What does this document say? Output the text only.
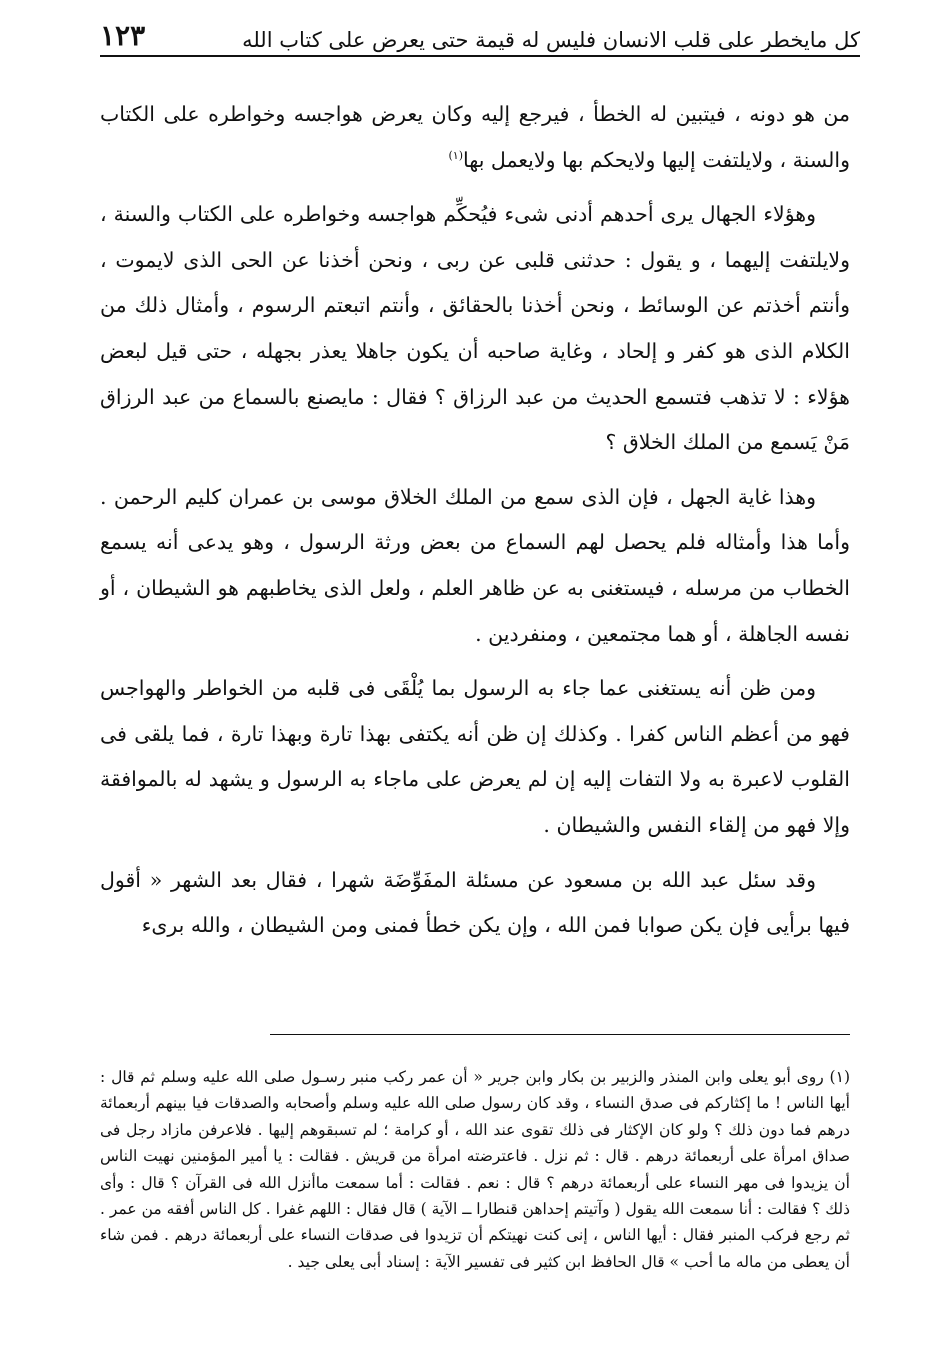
كل مايخطر على قلب الانسان فليس له قيمة حتى يعرض على كتاب الله
١٢٣

من هو دونه ، فيتبين له الخطأ ، فيرجع إليه وكان يعرض هواجسه وخواطره على الكتاب والسنة ، ولايلتفت إليها ولايحكم بها ولايعمل بها$^{(١)}$

وهؤلاء الجهال يرى أحدهم أدنى شىء فيُحكِّم هواجسه وخواطره على الكتاب والسنة ، ولايلتفت إليهما ، و يقول : حدثنى قلبى عن ربى ، ونحن أخذنا عن الحى الذى لايموت ، وأنتم أخذتم عن الوسائط ، ونحن أخذنا بالحقائق ، وأنتم اتبعتم الرسوم ، وأمثال ذلك من الكلام الذى هو كفر و إلحاد ، وغاية صاحبه أن يكون جاهلا يعذر بجهله ، حتى قيل لبعض هؤلاء : لا تذهب فتسمع الحديث من عبد الرزاق ؟ فقال : مايصنع بالسماع من عبد الرزاق مَنْ يَسمع من الملك الخلاق ؟

وهذا غاية الجهل ، فإن الذى سمع من الملك الخلاق موسى بن عمران كليم الرحمن . وأما هذا وأمثاله فلم يحصل لهم السماع من بعض ورثة الرسول ، وهو يدعى أنه يسمع الخطاب من مرسله ، فيستغنى به عن ظاهر العلم ، ولعل الذى يخاطبهم هو الشيطان ، أو نفسه الجاهلة ، أو هما مجتمعين ، ومنفردين .

ومن ظن أنه يستغنى عما جاء به الرسول بما يُلْقَى فى قلبه من الخواطر والهواجس فهو من أعظم الناس كفرا . وكذلك إن ظن أنه يكتفى بهذا تارة وبهذا تارة ، فما يلقى فى القلوب لاعبرة به ولا التفات إليه إن لم يعرض على ماجاء به الرسول و يشهد له بالموافقة وإلا فهو من إلقاء النفس والشيطان .

وقد سئل عبد الله بن مسعود عن مسئلة المفَوِّضَة شهرا ، فقال بعد الشهر « أقول فيها برأيى فإن يكن صوابا فمن الله ، وإن يكن خطأ فمنى ومن الشيطان ، والله برىء

(١) روى أبو يعلى وابن المنذر والزبير بن بكار وابن جرير « أن عمر ركب منبر رسـول صلى الله عليه وسلم ثم قال : أيها الناس ! ما إكثاركم فى صدق النساء ، وقد كان رسول صلى الله عليه وسلم وأصحابه والصدقات فيا بينهم أربعمائة درهم فما دون ذلك ؟ ولو كان الإكثار فى ذلك تقوى عند الله ، أو كرامة ؛ لم تسبقوهم إليها . فلاعرفن مازاد رجل فى صداق امرأة على أربعمائة درهم . قال : ثم نزل . فاعترضته امرأة من قريش . فقالت : يا أمير المؤمنين نهيت الناس أن يزيدوا فى مهر النساء على أربعمائة درهم ؟ قال : نعم . فقالت : أما سمعت ماأنزل الله فى القرآن ؟ قال : وأى ذلك ؟ فقالت : أنا سمعت الله يقول ( وآتيتم إحداهن قنطارا ــ الآية ) قال فقال : اللهم غفرا . كل الناس أفقه من عمر . ثم رجع فركب المنبر فقال : أيها الناس ، إنى كنت نهيتكم أن تزيدوا فى صدقات النساء على أربعمائة درهم . فمن شاء أن يعطى من ماله ما أحب » قال الحافظ ابن كثير فى تفسير الآية : إسناد أبى يعلى جيد .
